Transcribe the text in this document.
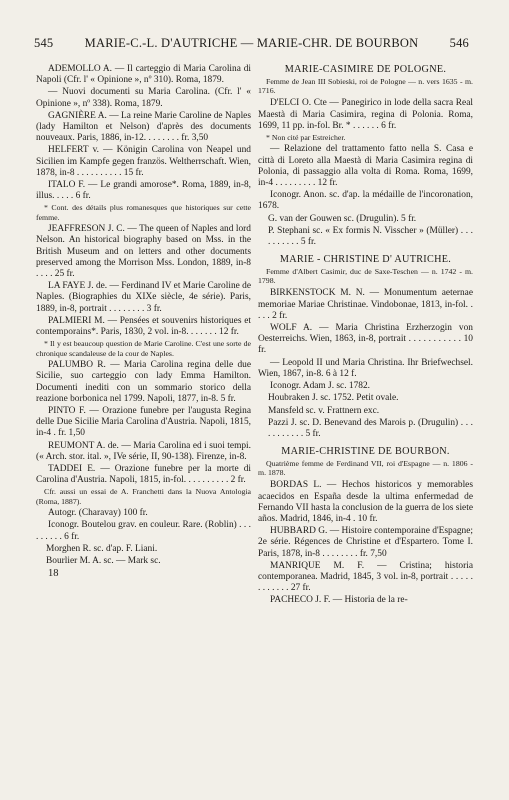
545	MARIE-C.-L. D'AUTRICHE — MARIE-CHR. DE BOURBON	546

ADEMOLLO A. — Il carteggio di Maria Carolina di Napoli (Cfr. l' « Opinione », nº 310). Roma, 1879.

— Nuovi documenti su Maria Carolina. (Cfr. l' « Opinione », nº 338). Roma, 1879.

GAGNIÈRE A. — La reine Marie Caroline de Naples (lady Hamilton et Nelson) d'après des documents nouveaux. Paris, 1886, in-12. . . . . . . . fr. 3,50

HELFERT v. — Königin Carolina von Neapel und Sicilien im Kampfe gegen französ. Weltherrschaft. Wien, 1878, in-8 . . . . . . . . . . 15 fr.

ITALO F. — Le grandi amorose*. Roma, 1889, in-8, illus. . . . . 6 fr.

* Cont. des détails plus romanesques que historiques sur cette femme.

JEAFFRESON J. C. — The queen of Naples and lord Nelson. An historical biography based on Mss. in the British Museum and on letters and other documents preserved among the Morrison Mss. London, 1889, in-8 . . . . 25 fr.

LA FAYE J. de. — Ferdinand IV et Marie Caroline de Naples. (Biographies du XIXe siècle, 4e série). Paris, 1889, in-8, portrait . . . . . . . . 3 fr.

PALMIERI M. — Pensées et souvenirs historiques et contemporains*. Paris, 1830, 2 vol. in-8. . . . . . . 12 fr.

* Il y est beaucoup question de Marie Caroline. C'est une sorte de chronique scandaleuse de la cour de Naples.

PALUMBO R. — Maria Carolina regina delle due Sicilie, suo carteggio con lady Emma Hamilton. Documenti inediti con un sommario storico della reazione borbonica nel 1799. Napoli, 1877, in-8. 5 fr.

PINTO F. — Orazione funebre per l'augusta Regina delle Due Sicilie Maria Carolina d'Austria. Napoli, 1815, in-4 . fr. 1,50

REUMONT A. de. — Maria Carolina ed i suoi tempi. (« Arch. stor. ital. », IVe série, II, 90-138). Firenze, in-8.

TADDEI E. — Orazione funebre per la morte di Carolina d'Austria. Napoli, 1815, in-fol. . . . . . . . . . 2 fr.

Cfr. aussi un essai de A. Franchetti dans la Nuova Antologia (Roma, 1887).

Autogr. (Charavay) 100 fr.

Iconogr. Boutelou grav. en couleur. Rare. (Roblin) . . . . . . . . . 6 fr.

Morghen R. sc. d'ap. F. Liani.

Bourlier M. A. sc. — Mark sc.

18

MARIE-CASIMIRE DE POLOGNE.

Femme de Jean III Sobieski, roi de Pologne — n. vers 1635 - m. 1716.

D'ELCI O. Cte — Panegirico in lode della sacra Real Maestà di Maria Casimira, regina di Polonia. Roma, 1699, 11 pp. in-fol. Br. * . . . . . . 6 fr.

* Non cité par Estreicher.

— Relazione del trattamento fatto nella S. Casa e città di Loreto alla Maestà di Maria Casimira regina di Polonia, di passaggio alla volta di Roma. Roma, 1699, in-4 . . . . . . . . . 12 fr.

Iconogr. Anon. sc. d'ap. la médaille de l'incoronation, 1678.

G. van der Gouwen sc. (Drugulin). 5 fr.

P. Stephani sc. « Ex formis N. Visscher » (Müller) . . . . . . . . . . 5 fr.

MARIE - CHRISTINE D' AUTRICHE.

Femme d'Albert Casimir, duc de Saxe-Teschen — n. 1742 - m. 1798.

BIRKENSTOCK M. N. — Monumentum aeternae memoriae Mariae Christinae. Vindobonae, 1813, in-fol. . . . . 2 fr.

WOLF A. — Maria Christina Erzherzogin von Oesterreichs. Wien, 1863, in-8, portrait . . . . . . . . . . . 10 fr.

— Leopold II und Maria Christina. Ihr Briefwechsel. Wien, 1867, in-8. 6 à 12 f.

Iconogr. Adam J. sc. 1782.

Houbraken J. sc. 1752. Petit ovale.

Mansfeld sc. v. Frattnern exc.

Pazzi J. sc. D. Benevand des Marois p. (Drugulin) . . . . . . . . . . . 5 fr.

MARIE-CHRISTINE DE BOURBON.

Quatrième femme de Ferdinand VII, roi d'Espagne — n. 1806 - m. 1878.

BORDAS L. — Hechos historicos y memorables acaecidos en España desde la ultima enfermedad de Fernando VII hasta la conclusion de la guerra de los siete años. Madrid, 1846, in-4 . 10 fr.

HUBBARD G. — Histoire contemporaine d'Espagne; 2e série. Régences de Christine et d'Espartero. Tome I. Paris, 1878, in-8 . . . . . . . . fr. 7,50

MANRIQUE M. F. — Cristina; historia contemporanea. Madrid, 1845, 3 vol. in-8, portrait . . . . . . . . . . . . 27 fr.

PACHECO J. F. — Historia de la re-
